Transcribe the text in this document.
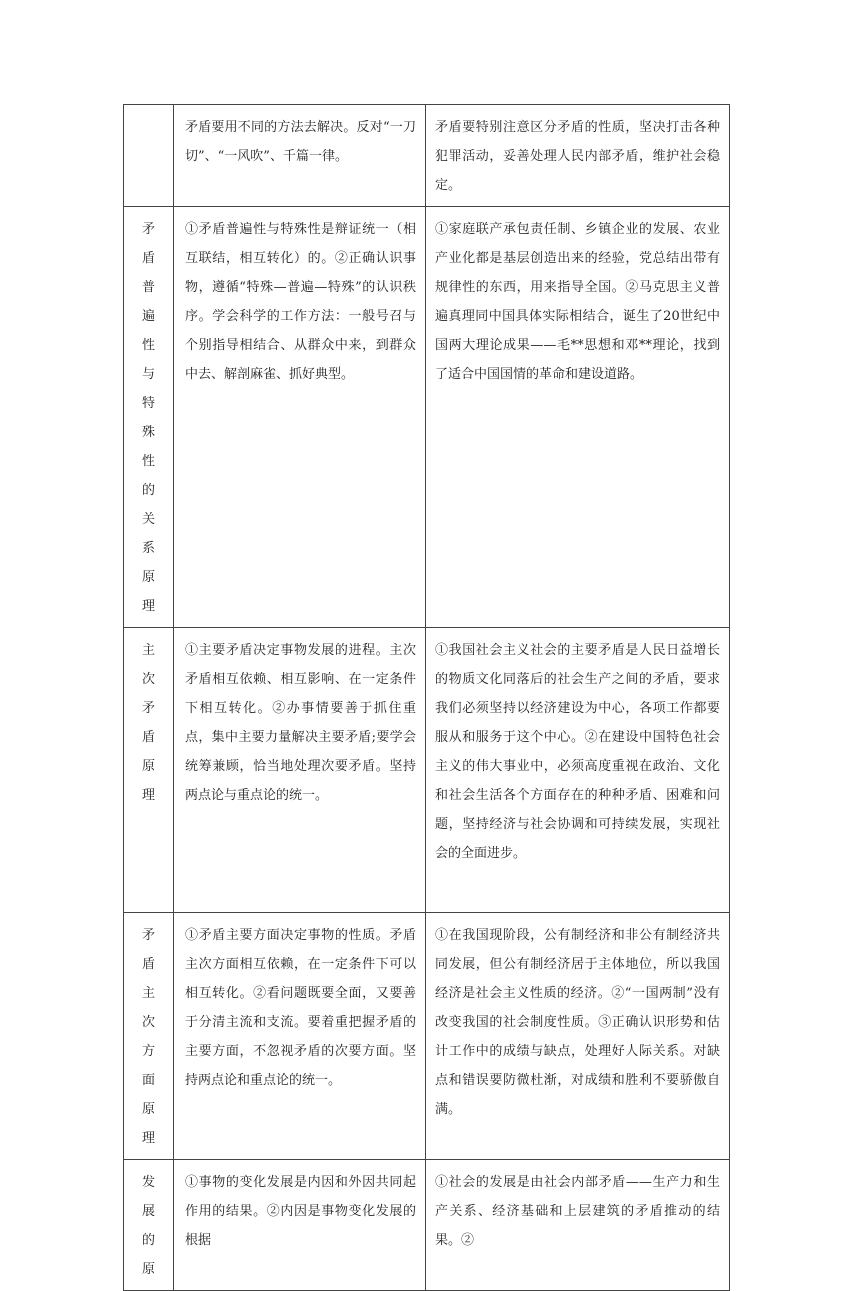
	矛盾要用不同的方法去解决。反对“一刀切”、“一风吹”、千篇一律。	矛盾要特别注意区分矛盾的性质，坚决打击各种犯罪活动，妥善处理人民内部矛盾，维护社会稳定。

矛盾普遍性与特殊性的关系原理	①矛盾普遍性与特殊性是辩证统一（相互联结，相互转化）的。②正确认识事物，遵循“特殊—普遍—特殊”的认识秩序。学会科学的工作方法：一般号召与个别指导相结合、从群众中来，到群众中去、解剖麻雀、抓好典型。	①家庭联产承包责任制、乡镇企业的发展、农业产业化都是基层创造出来的经验，党总结出带有规律性的东西，用来指导全国。②马克思主义普遍真理同中国具体实际相结合，诞生了20世纪中国两大理论成果——毛**思想和邓**理论，找到了适合中国国情的革命和建设道路。

主次矛盾原理	①主要矛盾决定事物发展的进程。主次矛盾相互依赖、相互影响、在一定条件下相互转化。②办事情要善于抓住重点，集中主要力量解决主要矛盾;要学会统筹兼顾，恰当地处理次要矛盾。坚持两点论与重点论的统一。	①我国社会主义社会的主要矛盾是人民日益增长的物质文化同落后的社会生产之间的矛盾，要求我们必须坚持以经济建设为中心，各项工作都要服从和服务于这个中心。②在建设中国特色社会主义的伟大事业中，必须高度重视在政治、文化和社会生活各个方面存在的种种矛盾、困难和问题，坚持经济与社会协调和可持续发展，实现社会的全面进步。

矛盾主次方面原理	①矛盾主要方面决定事物的性质。矛盾主次方面相互依赖，在一定条件下可以相互转化。②看问题既要全面，又要善于分清主流和支流。要着重把握矛盾的主要方面，不忽视矛盾的次要方面。坚持两点论和重点论的统一。	①在我国现阶段，公有制经济和非公有制经济共同发展，但公有制经济居于主体地位，所以我国经济是社会主义性质的经济。②“一国两制”没有改变我国的社会制度性质。③正确认识形势和估计工作中的成绩与缺点，处理好人际关系。对缺点和错误要防微杜渐，对成绩和胜利不要骄傲自满。

发展的原	①事物的变化发展是内因和外因共同起作用的结果。②内因是事物变化发展的根据	①社会的发展是由社会内部矛盾——生产力和生产关系、经济基础和上层建筑的矛盾推动的结果。②
